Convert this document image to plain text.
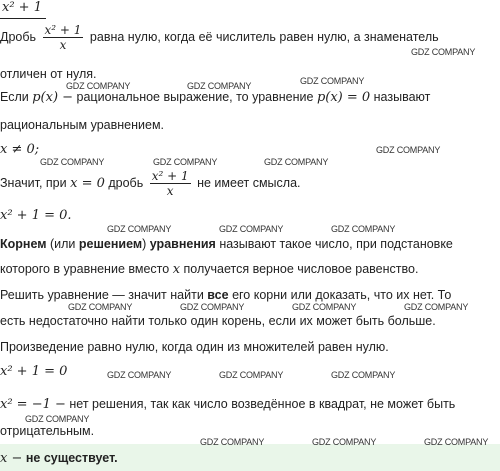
x² + 1
Дробь $\frac{\text{x² + 1}}{x}$ равна нулю, когда её числитель равен нулю, а знаменатель
отличен от нуля.
Если p(x) − рациональное выражение, то уравнение p(x) = 0 называют
рациональным уравнением.
x ≠ 0;
Значит, при x = 0 дробь $\frac{\text{x² + 1}}{x}$ не имеет смысла.
x² + 1 = 0.
Корнем (или решением) уравнения называют такое число, при подстановке
которого в уравнение вместо x получается верное числовое равенство.
Решить уравнение — значит найти все его корни или доказать, что их нет. То
есть недостаточно найти только один корень, если их может быть больше.
Произведение равно нулю, когда один из множителей равен нулю.
x² + 1 = 0
x² = −1 − нет решения, так как число возведённое в квадрат, не может быть
отрицательным.
x − не существует.
GDZ COMPANY
GDZ COMPANY	GDZ COMPANY	GDZ COMPANY
GDZ COMPANY
GDZ COMPANY	GDZ COMPANY	GDZ COMPANY
GDZ COMPANY	GDZ COMPANY	GDZ COMPANY
GDZ COMPANY	GDZ COMPANY	GDZ COMPANY	GDZ COMPANY
GDZ COMPANY	GDZ COMPANY	GDZ COMPANY
GDZ COMPANY
GDZ COMPANY	GDZ COMPANY	GDZ COMPANY
